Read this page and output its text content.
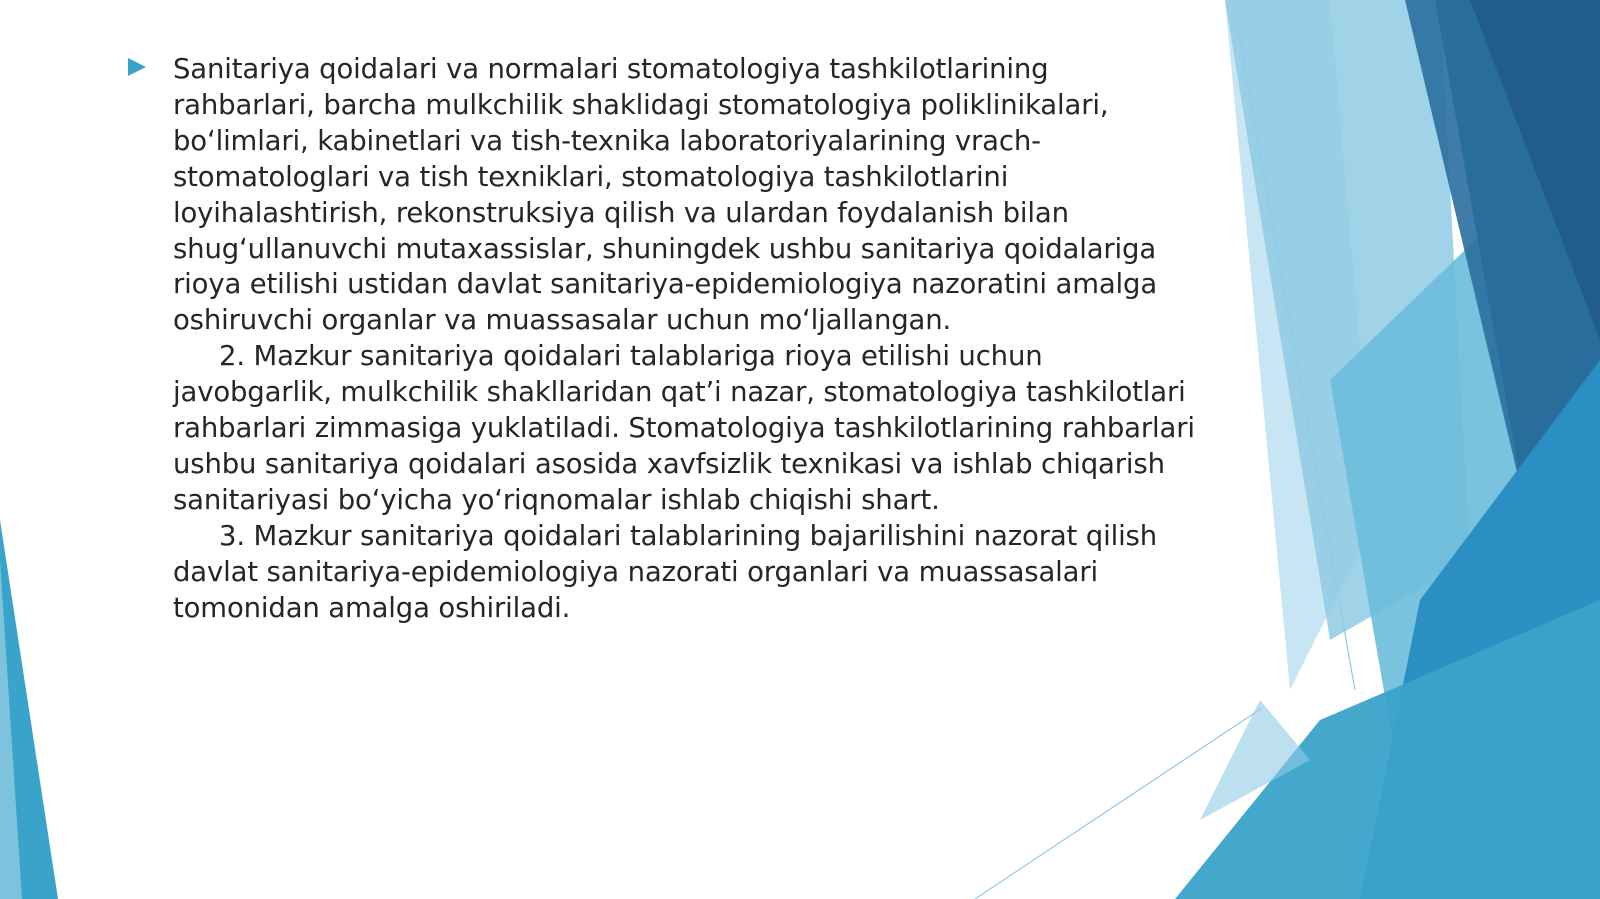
Sanitariya qoidalari va normalari stomatologiya tashkilotlarining rahbarlari, barcha mulkchilik shaklidagi stomatologiya poliklinikalari, boʻlimlari, kabinetlari va tish-texnika laboratoriyalarining vrach-stomatologlari va tish texniklari, stomatologiya tashkilotlarini loyihalashtirish, rekonstruksiya qilish va ulardan foydalanish bilan shugʻullanuvchi mutaxassislar, shuningdek ushbu sanitariya qoidalariga rioya etilishi ustidan davlat sanitariya-epidemiologiya nazoratini amalga oshiruvchi organlar va muassasalar uchun moʻljallangan.

2. Mazkur sanitariya qoidalari talablariga rioya etilishi uchun javobgarlik, mulkchilik shakllaridan qat’i nazar, stomatologiya tashkilotlari rahbarlari zimmasiga yuklatiladi. Stomatologiya tashkilotlarining rahbarlari ushbu sanitariya qoidalari asosida xavfsizlik texnikasi va ishlab chiqarish sanitariyasi boʻyicha yoʻriqnomalar ishlab chiqishi shart.

3. Mazkur sanitariya qoidalari talablarining bajarilishini nazorat qilish davlat sanitariya-epidemiologiya nazorati organlari va muassasalari tomonidan amalga oshiriladi.
